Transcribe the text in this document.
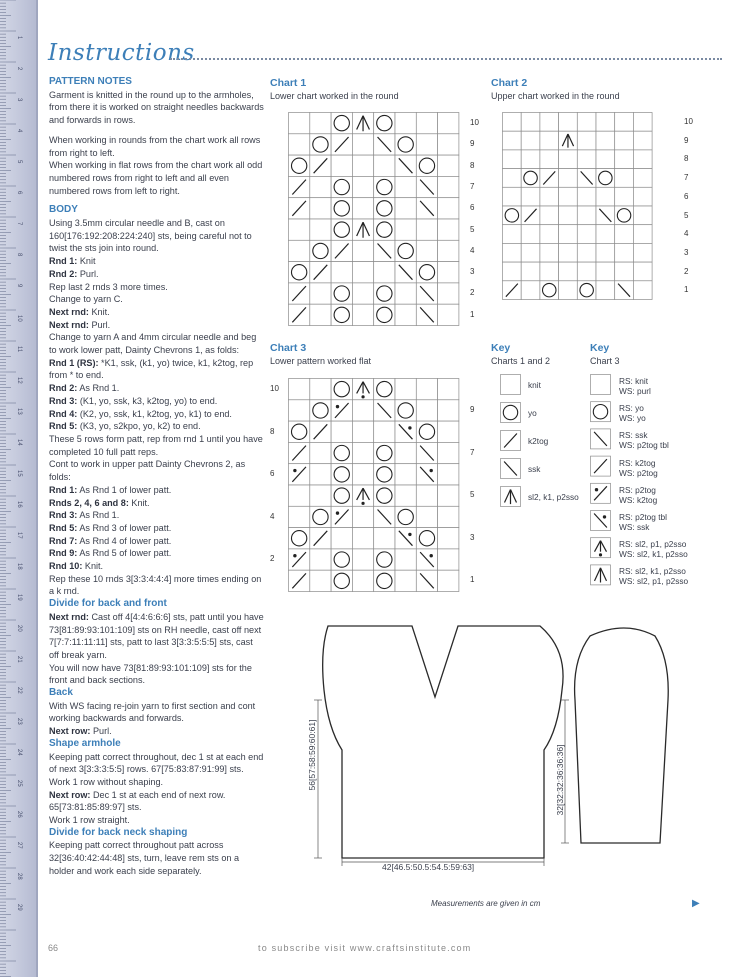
1
2
3
4
5
6
7
8
9
10
11
12
13
14
15
16
17
18
19
20
21
22
23
24
25
26
27
28
29
Instructions

PATTERN NOTES

Garment is knitted in the round up to the armholes, from there it is worked on straight needles backwards and forwards in rows.

When working in rounds from the chart work all rows from right to left.

When working in flat rows from the chart work all odd numbered rows from right to left and all even numbered rows from left to right.

BODY

Using 3.5mm circular needle and B, cast on 160[176:192:208:224:240] sts, being careful not to twist the sts join into round.

Rnd 1: Knit

Rnd 2: Purl.

Rep last 2 rnds 3 more times.

Change to yarn C.

Next rnd: Knit.

Next rnd: Purl.

Change to yarn A and 4mm circular needle and beg to work lower patt, Dainty Chevrons 1, as folds:

Rnd 1 (RS): *K1, ssk, (k1, yo) twice, k1, k2tog, rep from * to end.

Rnd 2: As Rnd 1.

Rnd 3: (K1, yo, ssk, k3, k2tog, yo) to end.

Rnd 4: (K2, yo, ssk, k1, k2tog, yo, k1) to end.

Rnd 5: (K3, yo, s2kpo, yo, k2) to end.

These 5 rows form patt, rep from rnd 1 until you have completed 10 full patt reps.

Cont to work in upper patt Dainty Chevrons 2, as folds:

Rnd 1: As Rnd 1 of lower patt.

Rnds 2, 4, 6 and 8: Knit.

Rnd 3: As Rnd 1.

Rnd 5: As Rnd 3 of lower patt.

Rnd 7: As Rnd 4 of lower patt.

Rnd 9: As Rnd 5 of lower patt.

Rnd 10: Knit.

Rep these 10 rnds 3[3:3:4:4:4] more times ending on a k rnd.

Divide for back and front

Next rnd: Cast off 4[4:4:6:6:6] sts, patt until you have 73[81:89:93:101:109] sts on RH needle, cast off next 7[7:7:11:11:11] sts, patt to last 3[3:3:5:5:5] sts, cast off break yarn.

You will now have 73[81:89:93:101:109] sts for the front and back sections.

Back

With WS facing re-join yarn to first section and cont working backwards and forwards.

Next row: Purl.

Shape armhole

Keeping patt correct throughout, dec 1 st at each end of next 3[3:3:3:5:5] rows. 67[75:83:87:91:99] sts.

Work 1 row without shaping.

Next row: Dec 1 st at each end of next row. 65[73:81:85:89:97] sts.

Work 1 row straight.

Divide for back neck shaping

Keeping patt correct throughout patt across 32[36:40:42:44:48] sts, turn, leave rem sts on a holder and work each side separately.

Chart 1
Lower chart worked in the round
Chart 2
Upper chart worked in the round
Chart 3
Lower pattern worked flat
10
9
8
7
6
5
4
3
2
1
10
9
8
7
6
5
4
3
2
1
9
7
5
3
1
10
8
6
4
2
Key
Charts 1 and 2
knit
yo
k2tog
ssk
sl2, k1, p2sso
Key
Chart 3
RS: knit
WS: purl
RS: yo
WS: yo
RS: ssk
WS: p2tog tbl
RS: k2tog
WS: p2tog
RS: p2tog
WS: k2tog
RS: p2tog tbl
WS: ssk
RS: sl2, p1, p2sso
WS: sl2, k1, p2sso
RS: sl2, k1, p2sso
WS: sl2, p1, p2sso
42[46.5:50.5:54.5:59:63]
56[57:58:59:60:61]	32[32:32:36:36:36]
Measurements are given in cm	▶
66	to subscribe visit www.craftsinstitute.com
